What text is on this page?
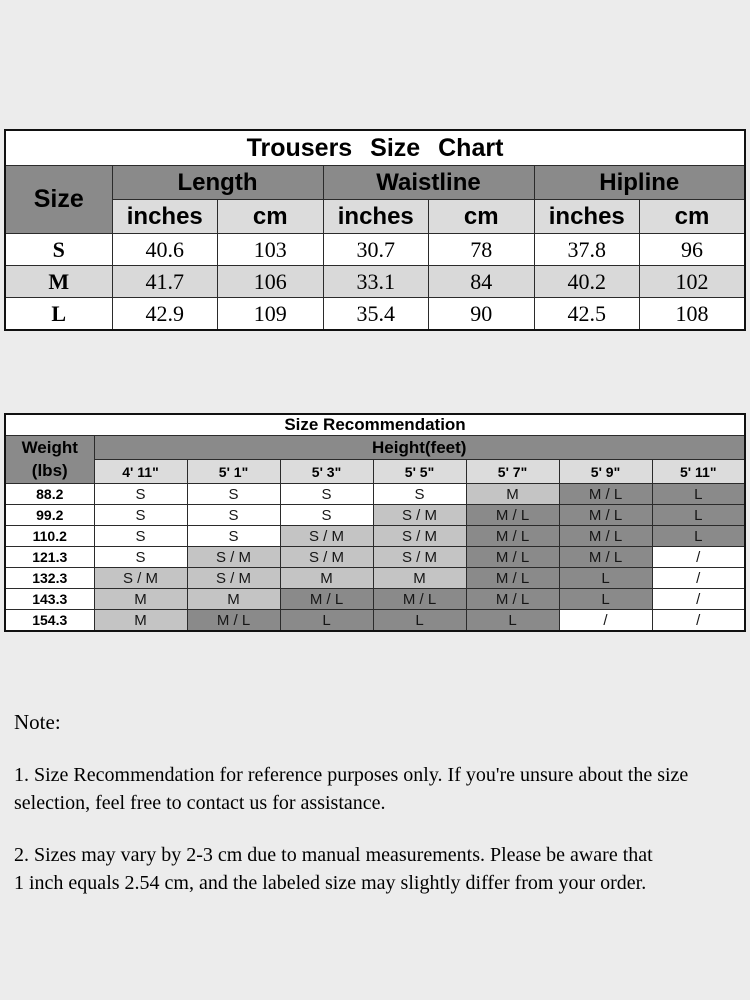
Trousers Size Chart						
Size	Length		Waistline		Hipline	
	inches	cm	inches	cm	inches	cm
S	40.6	103	30.7	78	37.8	96
M	41.7	106	33.1	84	40.2	102
L	42.9	109	35.4	90	42.5	108
Size Recommendation							

Weight
(lbs)	Height(feet)						
	4' 11"	5' 1"	5' 3"	5' 5"	5' 7"	5' 9"	5' 11"
88.2	S	S	S	S	M	M / L	L
99.2	S	S	S	S / M	M / L	M / L	L
110.2	S	S	S / M	S / M	M / L	M / L	L
121.3	S	S / M	S / M	S / M	M / L	M / L	/
132.3	S / M	S / M	M	M	M / L	L	/
143.3	M	M	M / L	M / L	M / L	L	/
154.3	M	M / L	L	L	L	/	/
Note:
1. Size Recommendation for reference purposes only. If you're unsure about the size
selection, feel free to contact us for assistance.
2. Sizes may vary by 2-3 cm due to manual measurements. Please be aware that
1 inch equals 2.54 cm, and the labeled size may slightly differ from your order.
